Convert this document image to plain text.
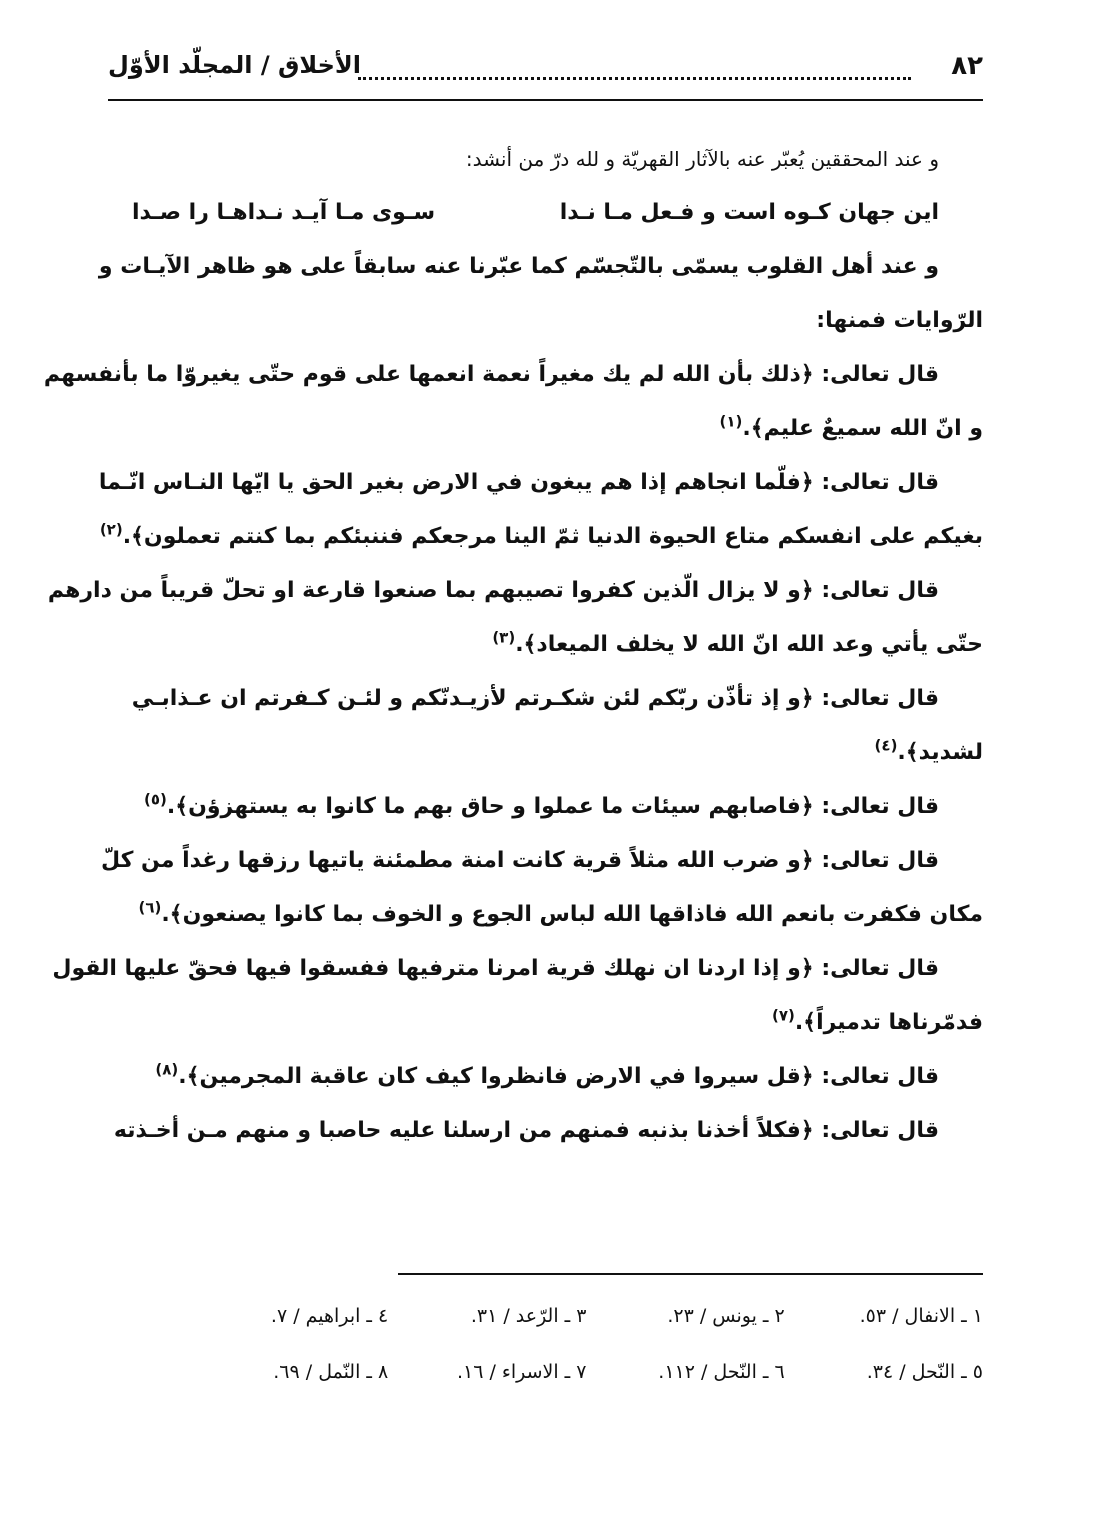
٨٢
الأخلاق / المجلّد الأوّل
و عند المحققين يُعبّر عنه بالآثار القهريّة و لله درّ من أنشد:
اين جهان كـوه است و فـعل مـا نـدا
سـوى مـا آيـد نـداهـا را صـدا
و عند أهل القلوب يسمّى بالتّجسّم كما عبّرنا عنه سابقاً على هو ظاهر الآيـات و
الرّوايات فمنها:
قال تعالى: ﴿ذلك بأن الله لم يك مغيراً نعمة انعمها على قوم حتّى يغيروّا ما بأنفسهم
و انّ الله سميعٌ عليم﴾.$^{(١)}$
قال تعالى: ﴿فلّما انجاهم إذا هم يبغون في الارض بغير الحق يا ايّها النـاس انّـما
بغيكم على انفسكم متاع الحيوة الدنيا ثمّ الينا مرجعكم فننبئكم بما كنتم تعملون﴾.$^{(٢)}$
قال تعالى: ﴿و لا يزال الّذين كفروا تصيبهم بما صنعوا قارعة او تحلّ قريباً من دارهم
حتّى يأتي وعد الله انّ الله لا يخلف الميعاد﴾.$^{(٣)}$
قال تعالى: ﴿و إذ تأذّن ربّكم لئن شكـرتم لأزيـدنّكم و لئـن كـفرتم ان عـذابـي
لشديد﴾.$^{(٤)}$
قال تعالى: ﴿فاصابهم سيئات ما عملوا و حاق بهم ما كانوا به يستهزؤن﴾.$^{(٥)}$
قال تعالى: ﴿و ضرب الله مثلاً قرية كانت امنة مطمئنة ياتيها رزقها رغداً من كلّ
مكان فكفرت بانعم الله فاذاقها الله لباس الجوع و الخوف بما كانوا يصنعون﴾.$^{(٦)}$
قال تعالى: ﴿و إذا اردنا ان نهلك قرية امرنا مترفيها ففسقوا فيها فحقّ عليها القول
فدمّرناها تدميراً﴾.$^{(٧)}$
قال تعالى: ﴿قل سيروا في الارض فانظروا كيف كان عاقبة المجرمين﴾.$^{(٨)}$
قال تعالى: ﴿فكلاً أخذنا بذنبه فمنهم من ارسلنا عليه حاصبا و منهم مـن أخـذته
١ ـ الانفال / ٥٣.
٢ ـ يونس / ٢٣.
٣ ـ الرّعد / ٣١.
٤ ـ ابراهيم / ٧.
٥ ـ النّحل / ٣٤.
٦ ـ النّحل / ١١٢.
٧ ـ الاسراء / ١٦.
٨ ـ النّمل / ٦٩.
